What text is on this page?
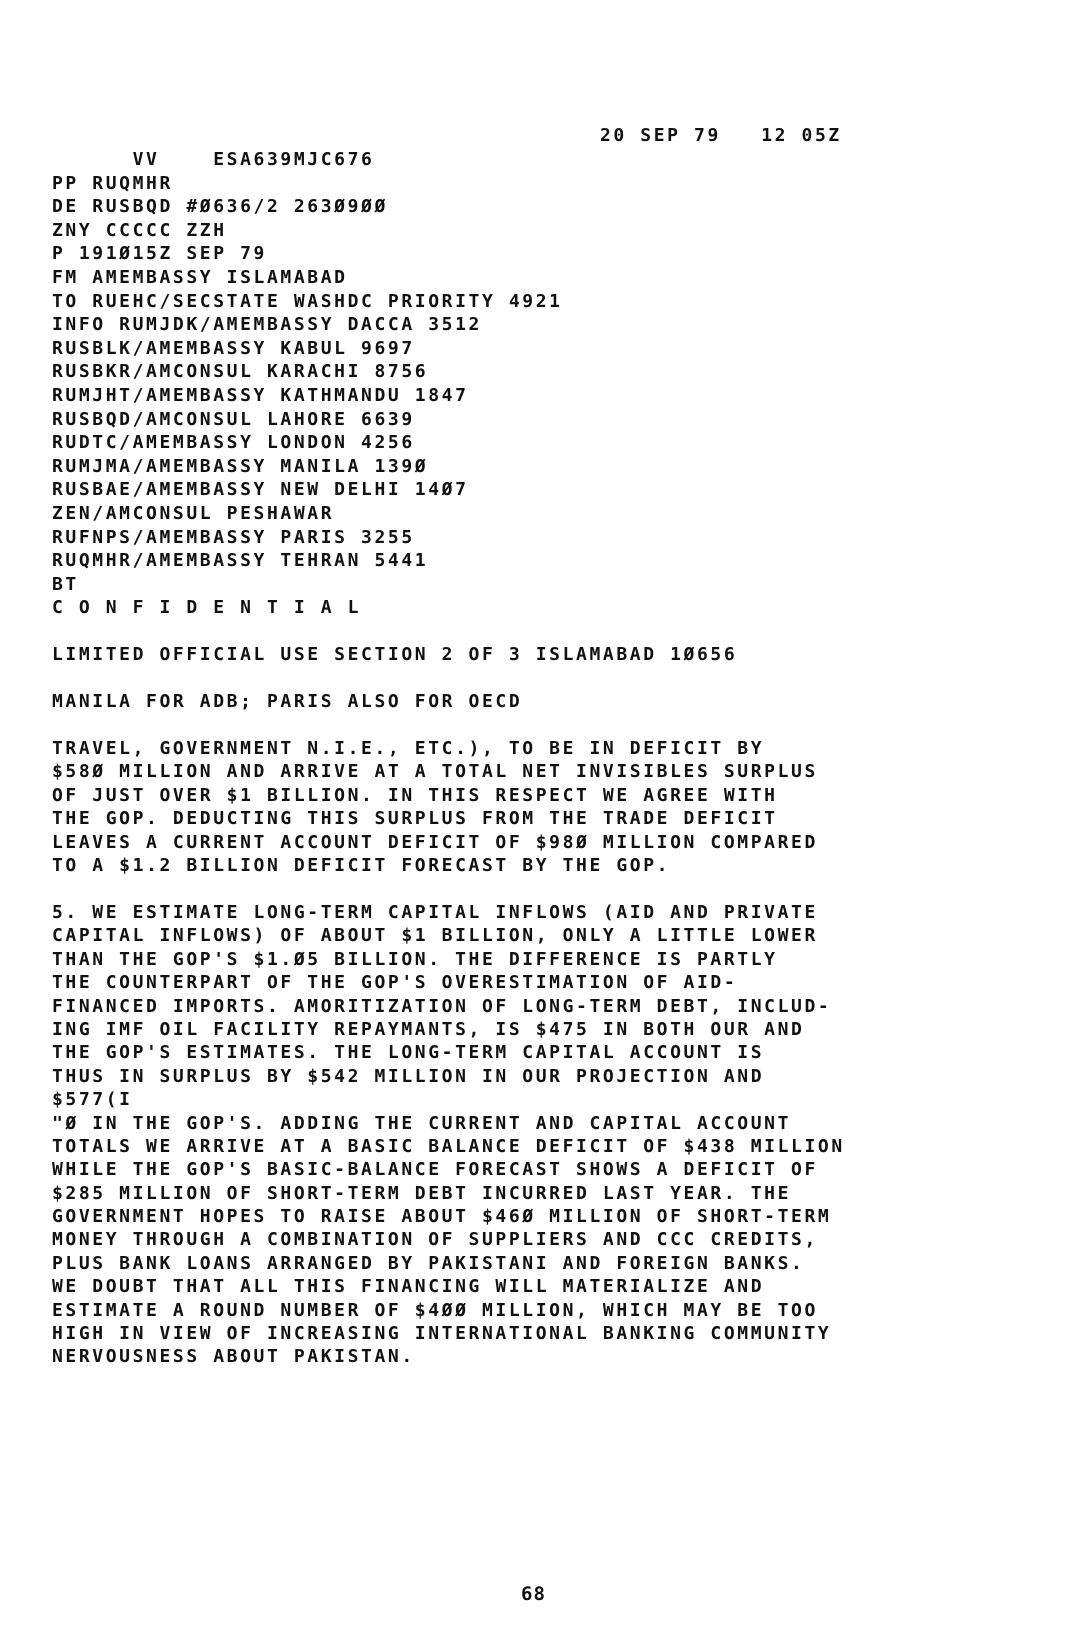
20 SEP 79   12 05Z
VV    ESA639MJC676
PP RUQMHR
DE RUSBQD #Ø636/2 263Ø9ØØ
ZNY CCCCC ZZH
P 191Ø15Z SEP 79
FM AMEMBASSY ISLAMABAD
TO RUEHC/SECSTATE WASHDC PRIORITY 4921
INFO RUMJDK/AMEMBASSY DACCA 3512
RUSBLK/AMEMBASSY KABUL 9697
RUSBKR/AMCONSUL KARACHI 8756
RUMJHT/AMEMBASSY KATHMANDU 1847
RUSBQD/AMCONSUL LAHORE 6639
RUDTC/AMEMBASSY LONDON 4256
RUMJMA/AMEMBASSY MANILA 139Ø
RUSBAE/AMEMBASSY NEW DELHI 14Ø7
ZEN/AMCONSUL PESHAWAR
RUFNPS/AMEMBASSY PARIS 3255
RUQMHR/AMEMBASSY TEHRAN 5441
BT
C O N F I D E N T I A L
LIMITED OFFICIAL USE SECTION 2 OF 3 ISLAMABAD 1Ø656
MANILA FOR ADB; PARIS ALSO FOR OECD
TRAVEL, GOVERNMENT N.I.E., ETC.), TO BE IN DEFICIT BY
$58Ø MILLION AND ARRIVE AT A TOTAL NET INVISIBLES SURPLUS
OF JUST OVER $1 BILLION. IN THIS RESPECT WE AGREE WITH
THE GOP. DEDUCTING THIS SURPLUS FROM THE TRADE DEFICIT
LEAVES A CURRENT ACCOUNT DEFICIT OF $98Ø MILLION COMPARED
TO A $1.2 BILLION DEFICIT FORECAST BY THE GOP.
5. WE ESTIMATE LONG-TERM CAPITAL INFLOWS (AID AND PRIVATE
CAPITAL INFLOWS) OF ABOUT $1 BILLION, ONLY A LITTLE LOWER
THAN THE GOP'S $1.Ø5 BILLION. THE DIFFERENCE IS PARTLY
THE COUNTERPART OF THE GOP'S OVERESTIMATION OF AID-
FINANCED IMPORTS. AMORITIZATION OF LONG-TERM DEBT, INCLUD-
ING IMF OIL FACILITY REPAYMANTS, IS $475 IN BOTH OUR AND
THE GOP'S ESTIMATES. THE LONG-TERM CAPITAL ACCOUNT IS
THUS IN SURPLUS BY $542 MILLION IN OUR PROJECTION AND
$577(I
"Ø IN THE GOP'S. ADDING THE CURRENT AND CAPITAL ACCOUNT
TOTALS WE ARRIVE AT A BASIC BALANCE DEFICIT OF $438 MILLION
WHILE THE GOP'S BASIC-BALANCE FORECAST SHOWS A DEFICIT OF
$285 MILLION OF SHORT-TERM DEBT INCURRED LAST YEAR. THE
GOVERNMENT HOPES TO RAISE ABOUT $46Ø MILLION OF SHORT-TERM
MONEY THROUGH A COMBINATION OF SUPPLIERS AND CCC CREDITS,
PLUS BANK LOANS ARRANGED BY PAKISTANI AND FOREIGN BANKS.
WE DOUBT THAT ALL THIS FINANCING WILL MATERIALIZE AND
ESTIMATE A ROUND NUMBER OF $4ØØ MILLION, WHICH MAY BE TOO
HIGH IN VIEW OF INCREASING INTERNATIONAL BANKING COMMUNITY
NERVOUSNESS ABOUT PAKISTAN.
68
